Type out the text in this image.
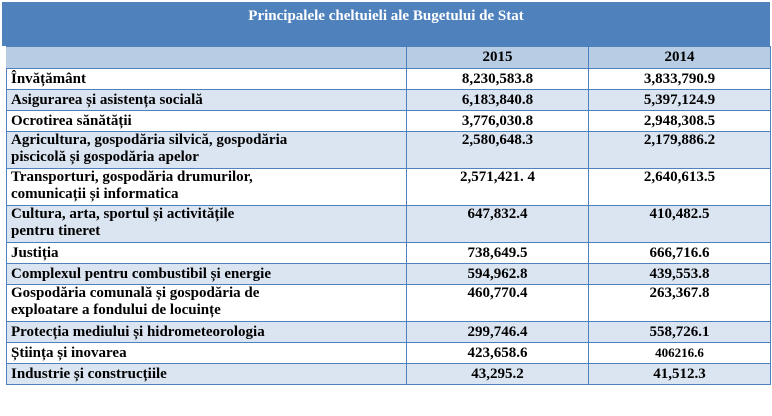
Principalele cheltuieli ale Bugetului de Stat
	2015	2014
Învățământ	8,230,583.8	3,833,790.9
Asigurarea și asistența socială	6,183,840.8	5,397,124.9
Ocrotirea sănătății	3,776,030.8	2,948,308.5
Agricultura, gospodăria silvică, gospodăria
piscicolă și gospodăria apelor	2,580,648.3	2,179,886.2
Transporturi, gospodăria drumurilor,
comunicații și informatica	2,571,421. 4	2,640,613.5
Cultura, arta, sportul și activitățile
pentru tineret	647,832.4	410,482.5
Justiția	738,649.5	666,716.6
Complexul pentru combustibil și energie	594,962.8	439,553.8
Gospodăria comunală și gospodăria de
exploatare a fondului de locuințe	460,770.4	263,367.8
Protecția mediului și hidrometeorologia	299,746.4	558,726.1
Știința și inovarea	423,658.6	406216.6
Industrie și construcțiile	43,295.2	41,512.3
